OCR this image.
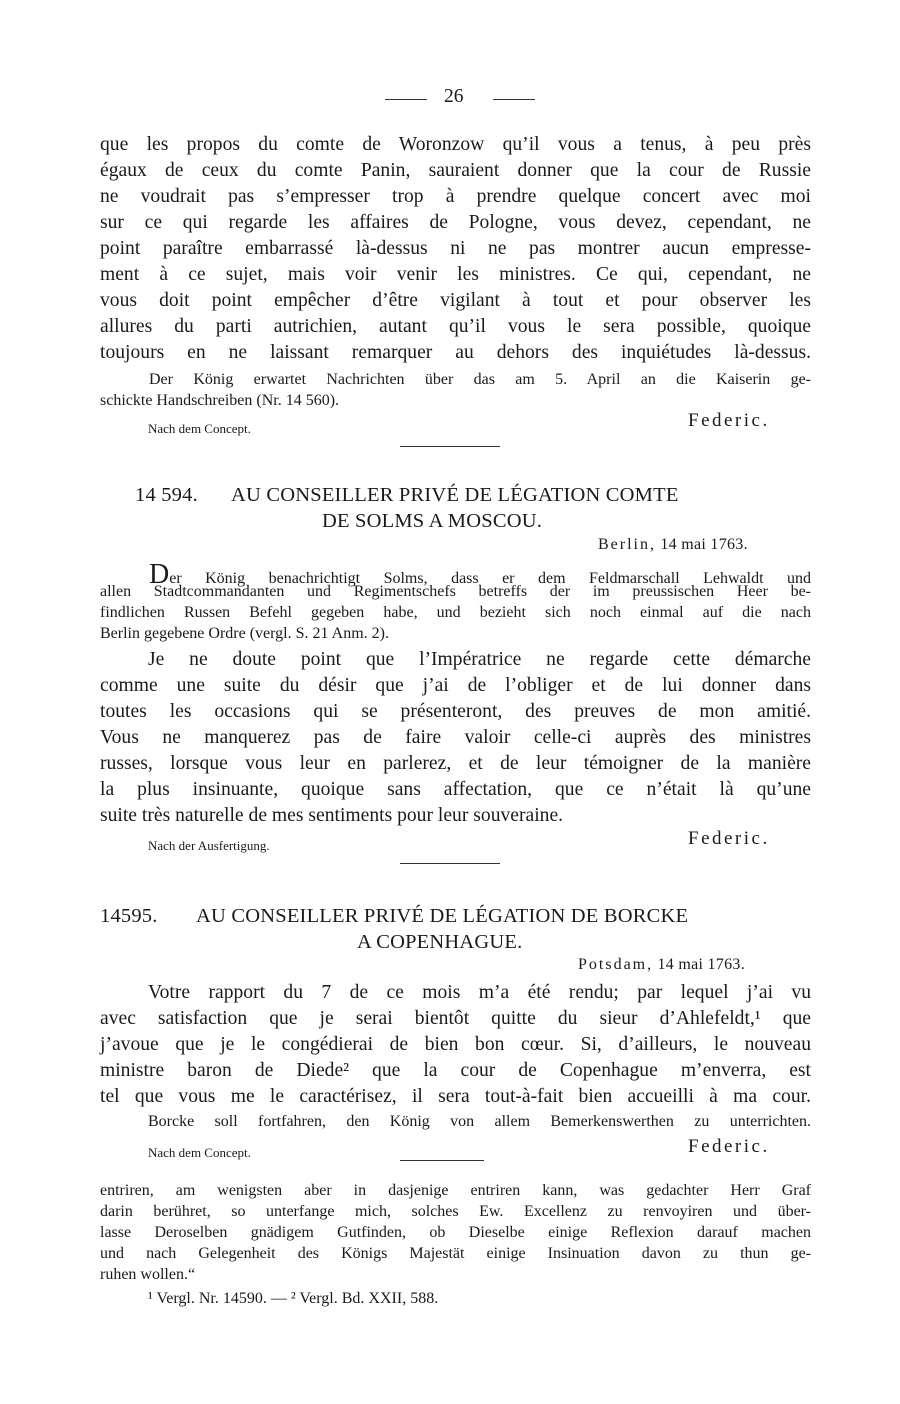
26
que les propos du comte de Woronzow qu’il vous a tenus, à peu près
égaux de ceux du comte Panin, sauraient donner que la cour de Russie
ne voudrait pas s’empresser trop à prendre quelque concert avec moi
sur ce qui regarde les affaires de Pologne, vous devez, cependant, ne
point paraître embarrassé là-dessus ni ne pas montrer aucun empresse-
ment à ce sujet, mais voir venir les ministres. Ce qui, cependant, ne
vous doit point empêcher d’être vigilant à tout et pour observer les
allures du parti autrichien, autant qu’il vous le sera possible, quoique
toujours en ne laissant remarquer au dehors des inquiétudes là-dessus.
Der König erwartet Nachrichten über das am 5. April an die Kaiserin ge-
schickte Handschreiben (Nr. 14 560).
Nach dem Concept.	Federic.
14 594. AU CONSEILLER PRIVÉ DE LÉGATION COMTE
DE SOLMS A MOSCOU.
Berlin, 14 mai 1763.
Der König benachrichtigt Solms, dass er dem Feldmarschall Lehwaldt und
allen Stadtcommandanten und Regimentschefs betreffs der im preussischen Heer be-
findlichen Russen Befehl gegeben habe, und bezieht sich noch einmal auf die nach
Berlin gegebene Ordre (vergl. S. 21 Anm. 2).
Je ne doute point que l’Impératrice ne regarde cette démarche
comme une suite du désir que j’ai de l’obliger et de lui donner dans
toutes les occasions qui se présenteront, des preuves de mon amitié.
Vous ne manquerez pas de faire valoir celle-ci auprès des ministres
russes, lorsque vous leur en parlerez, et de leur témoigner de la manière
la plus insinuante, quoique sans affectation, que ce n’était là qu’une
suite très naturelle de mes sentiments pour leur souveraine.
Nach der Ausfertigung.	Federic.
14595. AU CONSEILLER PRIVÉ DE LÉGATION DE BORCKE
A COPENHAGUE.
Potsdam, 14 mai 1763.
Votre rapport du 7 de ce mois m’a été rendu; par lequel j’ai vu
avec satisfaction que je serai bientôt quitte du sieur d’Ahlefeldt,¹ que
j’avoue que je le congédierai de bien bon cœur. Si, d’ailleurs, le nouveau
ministre baron de Diede² que la cour de Copenhague m’enverra, est
tel que vous me le caractérisez, il sera tout-à-fait bien accueilli à ma cour.
Borcke soll fortfahren, den König von allem Bemerkenswerthen zu unterrichten.
Nach dem Concept.	Federic.
entriren, am wenigsten aber in dasjenige entriren kann, was gedachter Herr Graf
darin berühret, so unterfange mich, solches Ew. Excellenz zu renvoyiren und über-
lasse Deroselben gnädigem Gutfinden, ob Dieselbe einige Reflexion darauf machen
und nach Gelegenheit des Königs Majestät einige Insinuation davon zu thun ge-
ruhen wollen.“
¹ Vergl. Nr. 14590. — ² Vergl. Bd. XXII, 588.
